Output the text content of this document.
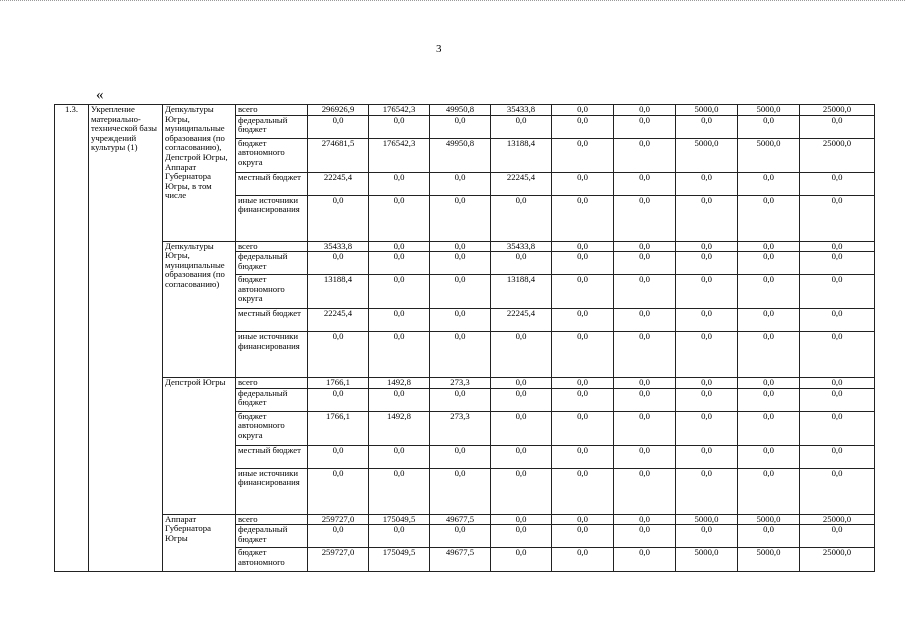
3
«
1.3.	Укрепление материально-технической базы учреждений культуры (1)	Депкультуры Югры, муниципальные образования (по согласованию), Депстрой Югры, Аппарат Губернатора Югры, в том числе	всего	296926,9	176542,3	49950,8	35433,8	0,0	0,0	5000,0	5000,0	25000,0
			федеральный бюджет	0,0	0,0	0,0	0,0	0,0	0,0	0,0	0,0	0,0
			бюджет автономного округа	274681,5	176542,3	49950,8	13188,4	0,0	0,0	5000,0	5000,0	25000,0
			местный бюджет	22245,4	0,0	0,0	22245,4	0,0	0,0	0,0	0,0	0,0
			иные источники финансирования	0,0	0,0	0,0	0,0	0,0	0,0	0,0	0,0	0,0
		Депкультуры Югры, муниципальные образования (по согласованию)	всего	35433,8	0,0	0,0	35433,8	0,0	0,0	0,0	0,0	0,0
			федеральный бюджет	0,0	0,0	0,0	0,0	0,0	0,0	0,0	0,0	0,0
			бюджет автономного округа	13188,4	0,0	0,0	13188,4	0,0	0,0	0,0	0,0	0,0
			местный бюджет	22245,4	0,0	0,0	22245,4	0,0	0,0	0,0	0,0	0,0
			иные источники финансирования	0,0	0,0	0,0	0,0	0,0	0,0	0,0	0,0	0,0
		Депстрой Югры	всего	1766,1	1492,8	273,3	0,0	0,0	0,0	0,0	0,0	0,0
			федеральный бюджет	0,0	0,0	0,0	0,0	0,0	0,0	0,0	0,0	0,0
			бюджет автономного округа	1766,1	1492,8	273,3	0,0	0,0	0,0	0,0	0,0	0,0
			местный бюджет	0,0	0,0	0,0	0,0	0,0	0,0	0,0	0,0	0,0
			иные источники финансирования	0,0	0,0	0,0	0,0	0,0	0,0	0,0	0,0	0,0
		Аппарат Губернатора Югры	всего	259727,0	175049,5	49677,5	0,0	0,0	0,0	5000,0	5000,0	25000,0
			федеральный бюджет	0,0	0,0	0,0	0,0	0,0	0,0	0,0	0,0	0,0
			бюджет автономного	259727,0	175049,5	49677,5	0,0	0,0	0,0	5000,0	5000,0	25000,0
